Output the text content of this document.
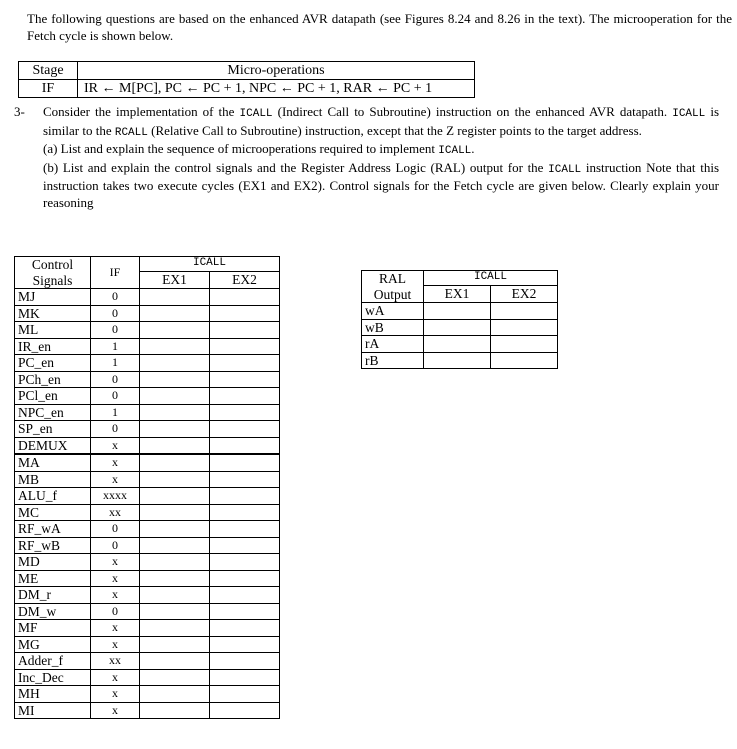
The following questions are based on the enhanced AVR datapath (see Figures 8.24 and 8.26 in the text). The microoperation for the Fetch cycle is shown below.

Stage	Micro-operations
IF	IR ← M[PC], PC ← PC + 1, NPC ← PC + 1, RAR ← PC + 1
3- Consider the implementation of the ICALL (Indirect Call to Subroutine) instruction on the enhanced AVR datapath. ICALL is similar to the RCALL (Relative Call to Subroutine) instruction, except that the Z register points to the target address.

(a) List and explain the sequence of microoperations required to implement ICALL.

(b) List and explain the control signals and the Register Address Logic (RAL) output for the ICALL instruction Note that this instruction takes two execute cycles (EX1 and EX2). Control signals for the Fetch cycle are given below. Clearly explain your reasoning

Control Signals	IF	ICALL	
		EX1	EX2
MJ	0		
MK	0		
ML	0		
IR_en	1		
PC_en	1		
PCh_en	0		
PCl_en	0		
NPC_en	1		
SP_en	0		
DEMUX	x		
MA	x		
MB	x		
ALU_f	xxxx		
MC	xx		
RF_wA	0		
RF_wB	0		
MD	x		
ME	x		
DM_r	x		
DM_w	0		
MF	x		
MG	x		
Adder_f	xx		
Inc_Dec	x		
MH	x		
MI	x		
RAL Output	ICALL	
	EX1	EX2
wA		
wB		
rA		
rB		
